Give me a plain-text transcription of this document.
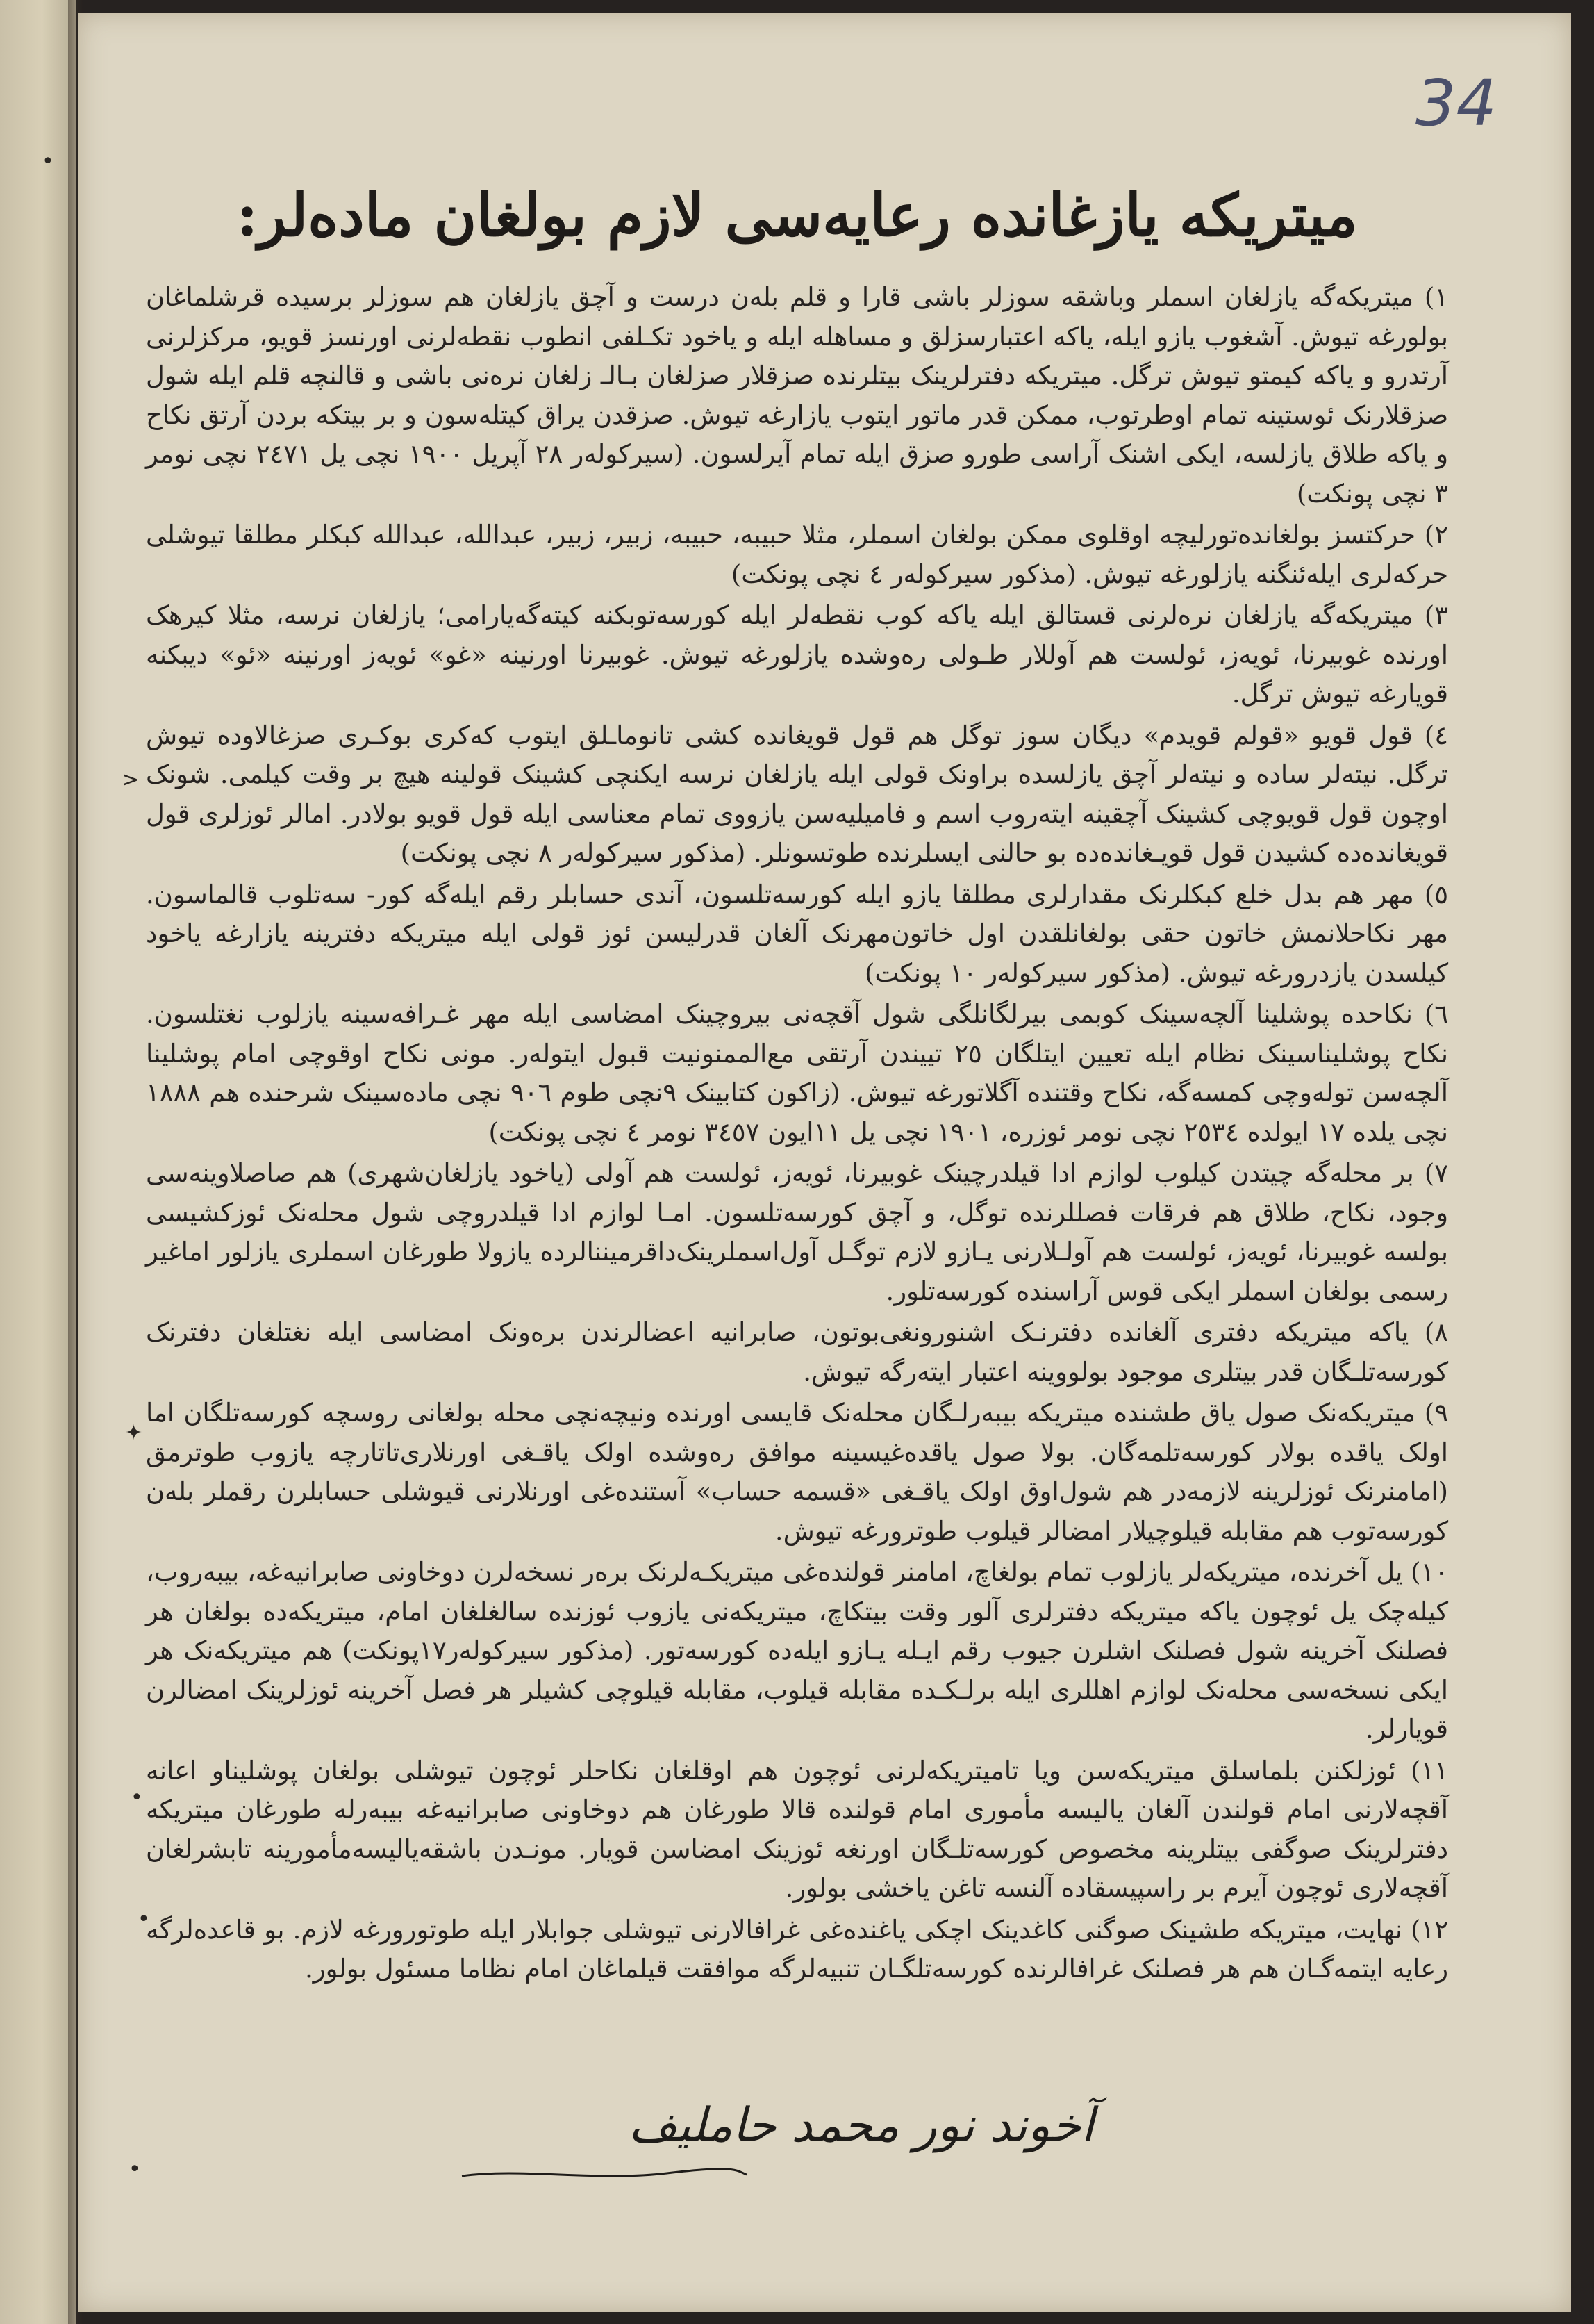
34
میتریکه یازغانده رعایه‌سی لازم بولغان ماده‌لر:

١) میتریکه‌گه یازلغان اسملر وباشقه سوزلر باشی قارا و قلم بله‌ن درست و آچق یازلغان هم سوزلر برسیده قرشلماغان بولورغه تیوش. آشغوب یازو ایله، یاکه اعتبارسزلق و مساهله ایله و یاخود تکـلفی انطوب نقطه‌لرنی اورنسز قویو، مرکزلرنی آرتدرو و یاکه کیمتو تیوش ترگل. میتریکه دفترلرینک بیتلرنده صزقلار صزلغان بـالـ زلغان نره‌نی باشی و قالنچه قلم ایله شول صزقلارنک ئوستینه تمام اوطرتوب، ممکن قدر ماتور ایتوب یازارغه تیوش. صزقدن یراق کیتله‌سون و بر بیتکه بردن آرتق نکاح و یاکه طلاق یازلسه، ایکی اشنک آراسی طورو صزق ایله تمام آیرلسون. (سیرکوله‌ر ٢٨ آپریل ١٩٠٠ نچی یل ٢٤٧١ نچی نومر ٣ نچی پونکت)

٢) حرکتسز بولغانده‌تورلیچه اوقلوی ممکن بولغان اسملر، مثلا حبیبه، حبیبه، زبیر، زبیر، عبدالله، عبدالله کبکلر مطلقا تیوشلی حرکه‌لری ایله‌ئنگنه یازلورغه تیوش. (مذکور سیرکوله‌ر ٤ نچی پونکت)

٣) میتریکه‌گه یازلغان نره‌لرنی قستالق ایله یاکه کوب نقطه‌لر ایله کورسه‌توبکنه کیته‌گه‌یارامی؛ یازلغان نرسه، مثلا کیرهک اورنده غوبیرنا، ئویه‌ز، ئولست هم آوللار طـولی ره‌وشده یازلورغه تیوش. غوبیرنا اورنینه «غو» ئویه‌ز اورنینه «ئو» دیبکنه قویارغه تیوش ترگل.

٤) قول قویو «قولم قویدم» دیگان سوز توگل هم قول قویغانده کشی تانوماـلق ایتوب که‌کری بوکـری صزغالاوده تیوش ترگل. نیته‌لر ساده و نیته‌لر آچق یازلسده براونک قولی ایله یازلغان نرسه ایکنچی کشینک قولینه هیچ بر وقت کیلمی. شونک اوچون قول قویوچی کشینک آچقینه ایته‌روب اسم و فامیلیه‌سن یازووی تمام معناسی ایله قول قویو بولادر. امالر ئوزلری قول قویغانده‌ده کشیدن قول قویـغانده‌ده بو حالنی ایسلرنده طوتسونلر. (مذکور سیرکوله‌ر ٨ نچی پونکت)

٥) مهر هم بدل خلع کبکلرنک مقدارلری مطلقا یازو ایله کورسه‌تلسون، آندی حسابلر رقم ایله‌گه کور- سه‌تلوب قالماسون. مهر نکاحلانمش خاتون حقی بولغانلقدن اول خاتون‌مهرنک آلغان قدرلیسن ئوز قولی ایله میتریکه دفترینه یازارغه یاخود کیلسدن یازدرورغه تیوش. (مذکور سیرکوله‌ر ١٠ پونکت)

٦) نکاحده پوشلینا آلچه‌سینک کوبمی بیرلگانلگی شول آقچه‌نی بیروچینک امضاسی ایله مهر غـرافه‌سینه یازلوب نغتلسون. نکاح پوشلیناسینک نظام ایله تعیین ایتلگان ٢٥ تییندن آرتقی مع‌الممنونیت قبول ایتوله‌ر. مونی نکاح اوقوچی امام پوشلینا آلچه‌سن توله‌وچی کمسه‌گه، نکاح وقتنده آ‌گلاتورغه تیوش. (زاکون کتابینک ٩نچی طوم ٩٠٦ نچی ماده‌سینک شرحنده هم ١٨٨٨ نچی یلده ١٧ ایولده ٢٥٣٤ نچی نومر ئوزره، ١٩٠١ نچی یل ١١ایون ٣٤٥٧ نومر ٤ نچی پونکت)

٧) بر محله‌گه چیتدن کیلوب لوازم ادا قیلدرچینک غوبیرنا، ئویه‌ز، ئولست هم آولی (یاخود یازلغان‌شهری) هم صاصلاوینه‌سی وجود، نکاح، طلاق هم فرقات فصللرنده توگل، و آچق کورسه‌تلسون. امـا لوازم ادا قیلدروچی شول محله‌نک ئوزکشیسی بولسه غوبیرنا، ئویه‌ز، ئولست هم آولـلارنی یـازو لازم توگـل آول‌اسملرینک‌داقرمیننالرده یازولا طورغان اسملری یازلور اماغیر رسمی بولغان اسملر ایکی قوس آراسنده کورسه‌تلور.

٨) یاکه میتریکه دفتری آلغانده دفترنـک اشنورونغی‌بوتون، صابرانیه اعضالرندن بره‌ونک امضاسی ایله نغتلغان دفترنک کورسه‌تلـگان قدر بیتلری موجود بولووینه اعتبار ایته‌رگه تیوش.

٩) میتریکه‌نک صول یاق طشنده میتریکه بیبه‌رلـگان محله‌نک قایسی اورنده ونیچه‌نچی محله بولغانی روسچه کورسه‌تلگان اما اولک یاقده بولار کورسه‌تلمه‌گان. بولا صول یاقده‌غیسینه موافق ره‌وشده اولک یاقـغی اورنلاری‌تاتارچه یازوب طوترمق (امامنرنک ئوزلرینه لازمه‌در هم شول‌اوق اولک یاقـغی «قسمه حساب» آستنده‌غی اورنلارنی قیوشلی حسابلرن رقملر بله‌ن کورسه‌توب هم مقابله قیلوچیلار امضالر قیلوب طوترورغه تیوش.

١٠) یل آخرنده، میتریکه‌لر یازلوب تمام بولغاچ، امامنر قولنده‌غی میتریکـه‌لرنک بره‌ر نسخه‌لرن دوخاونی صابرانیه‌غه، بیبه‌روب، کیله‌چک یل ئوچون یاکه میتریکه دفترلری آلور وقت بیتکاچ، میتریکه‌نی یازوب ئوزنده سالغلغان امام، میتریکه‌ده بولغان هر فصلنک آخرینه شول فصلنک اشلرن جیوب رقم ایـله یـازو ایله‌ده کورسه‌تور. (مذکور سیرکوله‌ر١٧پونکت) هم میتریکه‌نک هر ایکی نسخه‌سی محله‌نک لوازم اهللری ایله برلـکـده مقابله قیلوب، مقابله قیلوچی کشیلر هر فصل آخرینه ئوزلرینک امضالرن قویارلر.

١١) ئوزلکنن بلماسلق میتریکه‌سن ویا تامیتریکه‌لرنی ئوچون هم اوقلغان نکاحلر ئوچون تیوشلی بولغان پوشلیناو اعانه آقچه‌لارنی امام قولندن آلغان یالیسه مأموری امام قولنده قالا طورغان هم دوخاونی صابرانیه‌غه بیبه‌رله طورغان میتریکه دفترلرینک صوگفی بیتلرینه مخصوص کورسه‌تلـگان اورنغه ئوزینک امضاسن قویار. مونـدن باشقه‌یالیسه‌مأمورینه تابشرلغان آقچه‌لاری ئوچون آیرم بر راسپیسقاده آلنسه تاغن یاخشی بولور.

١٢) نهایت، میتریکه طشینک صوگنی کاغدینک اچکی یاغنده‌غی غرافالارنی تیوشلی جوابلار ایله طوتورورغه لازم. بو قاعده‌لرگه رعایه ایتمه‌گـان هم هر فصلنک غرافالرنده کورسه‌تلگـان تنبیه‌لرگه موافقت قیلماغان امام نظاما مسئول بولور.

آخوند نور محمد حاملیف
•
>
✦
•
•
•
